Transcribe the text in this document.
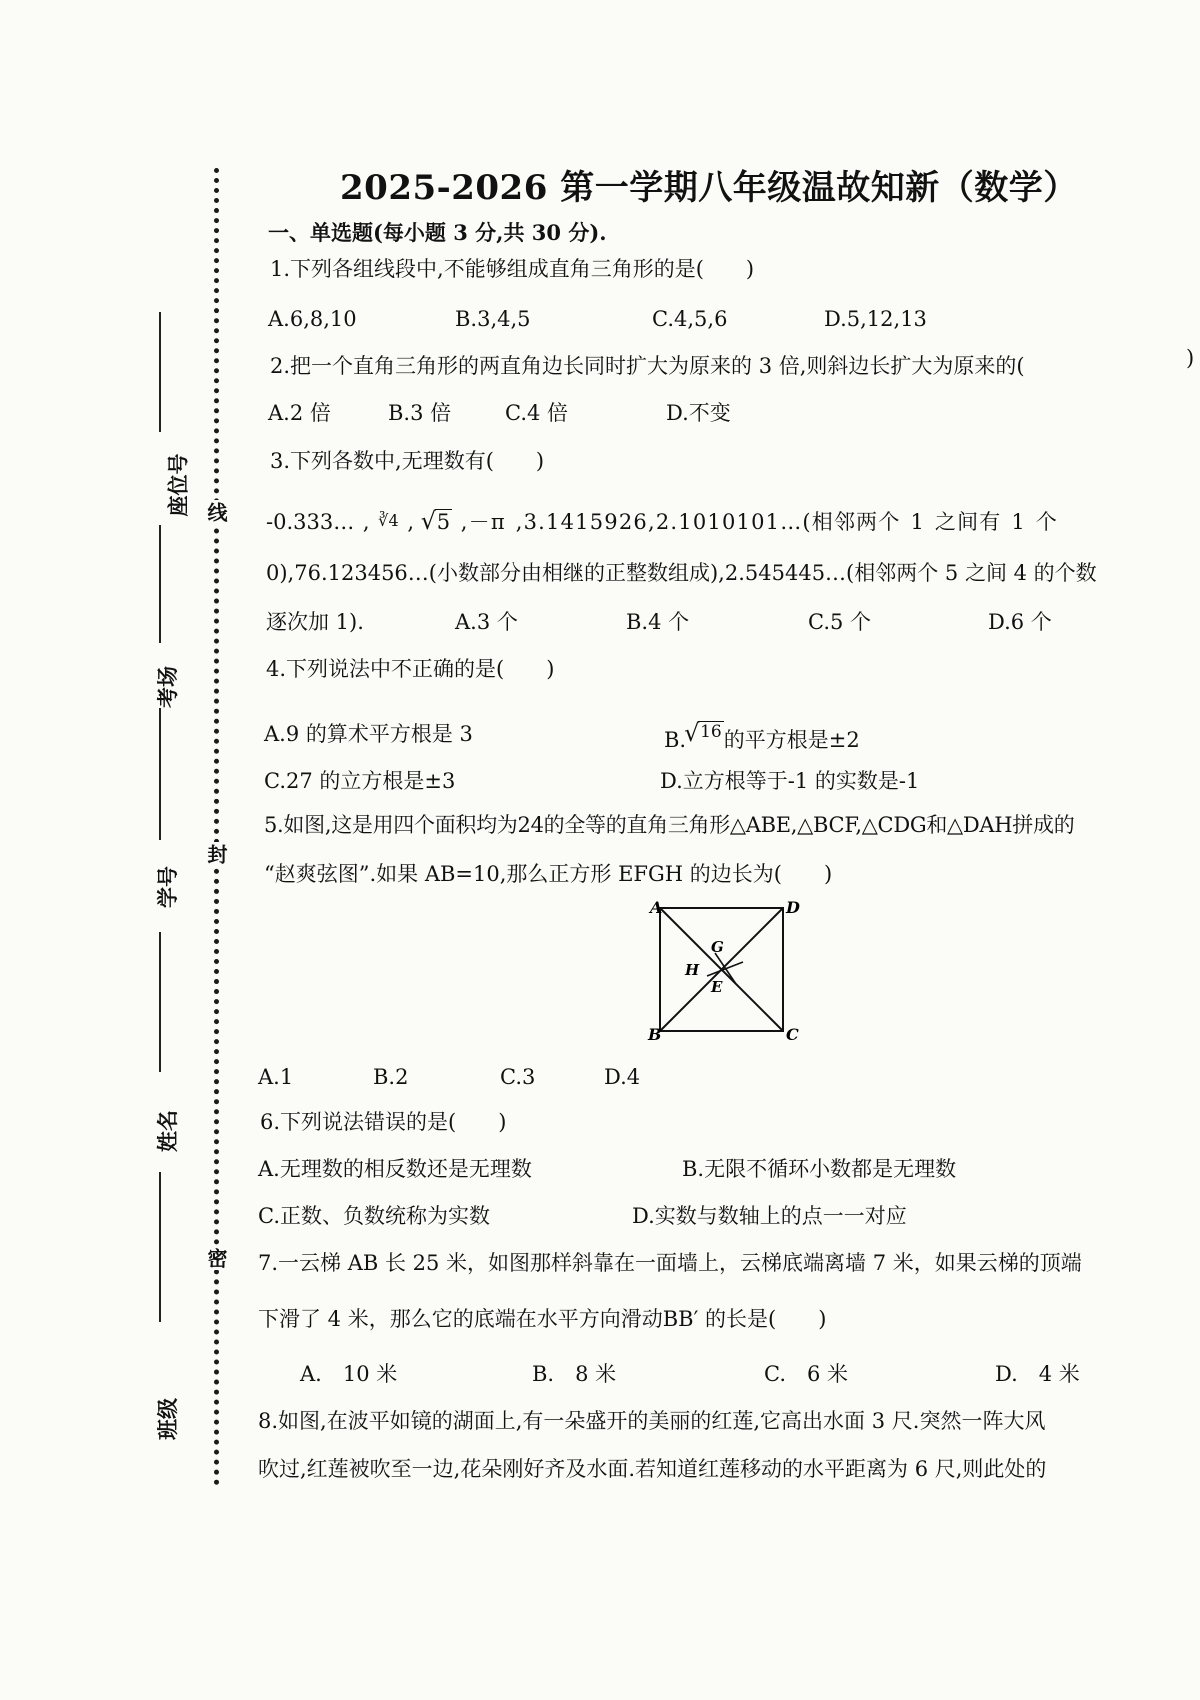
线
封
密
座位号
考场
学号
姓名
班级
2025-2026 第一学期八年级温故知新（数学）
一、单选题(每小题 3 分,共 30 分).
1.下列各组线段中,不能够组成直角三角形的是(　　)
A.6,8,10	B.3,4,5	C.4,5,6	D.5,12,13
2.把一个直角三角形的两直角边长同时扩大为原来的 3 倍,则斜边长扩大为原来的(	)
A.2 倍	B.3 倍	C.4 倍	D.不变
3.下列各数中,无理数有(　　)
-0.333… , ∛4 , √ 5 ,－π ,3.1415926,2.1010101…(相邻两个 1 之间有 1 个
0),76.123456…(小数部分由相继的正整数组成),2.545445…(相邻两个 5 之间 4 的个数
逐次加 1).	A.3 个	B.4 个	C.5 个	D.6 个
4.下列说法中不正确的是(　　)
A.9 的算术平方根是 3	B. √ 16的平方根是±2
C.27 的立方根是±3	D.立方根等于-1 的实数是-1
5.如图,这是用四个面积均为24的全等的直角三角形△ABE,△BCF,△CDG和△DAH拼成的
“赵爽弦图”.如果 AB=10,那么正方形 EFGH 的边长为(　　)
A	D
G
H
E
B	C
A.1	B.2	C.3	D.4
6.下列说法错误的是(　　)
A.无理数的相反数还是无理数	B.无限不循环小数都是无理数
C.正数、负数统称为实数	D.实数与数轴上的点一一对应
7.一云梯 AB 长 25 米，如图那样斜靠在一面墙上，云梯底端离墙 7 米，如果云梯的顶端
下滑了 4 米，那么它的底端在水平方向滑动BB′ 的长是(　　)
A.　10 米	B.　8 米	C.　6 米	D.　4 米
8.如图,在波平如镜的湖面上,有一朵盛开的美丽的红莲,它高出水面 3 尺.突然一阵大风
吹过,红莲被吹至一边,花朵刚好齐及水面.若知道红莲移动的水平距离为 6 尺,则此处的
